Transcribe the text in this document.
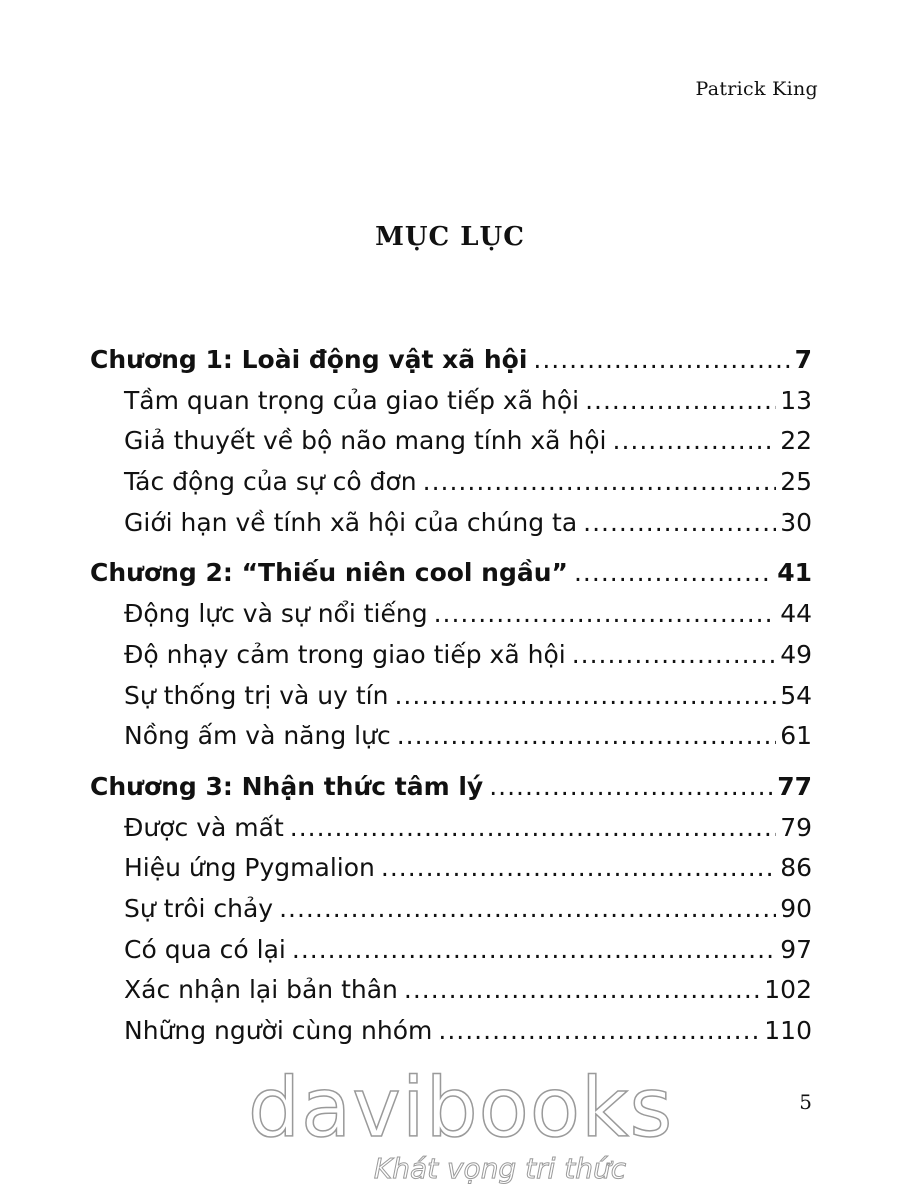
Patrick King
MỤC LỤC
Chương 1: Loài động vật xã hội .....	7
Tầm quan trọng của giao tiếp xã hội .....	13
Giả thuyết về bộ não mang tính xã hội .....	22
Tác động của sự cô đơn .....	25
Giới hạn về tính xã hội của chúng ta .....	30
Chương 2: “Thiếu niên cool ngầu” .....	41
Động lực và sự nổi tiếng .....	44
Độ nhạy cảm trong giao tiếp xã hội .....	49
Sự thống trị và uy tín .....	54
Nồng ấm và năng lực .....	61
Chương 3: Nhận thức tâm lý .....	77
Được và mất .....	79
Hiệu ứng Pygmalion .....	86
Sự trôi chảy .....	90
Có qua có lại .....	97
Xác nhận lại bản thân .....	102
Những người cùng nhóm .....	110
davibooks
Khát vọng tri thức
5
